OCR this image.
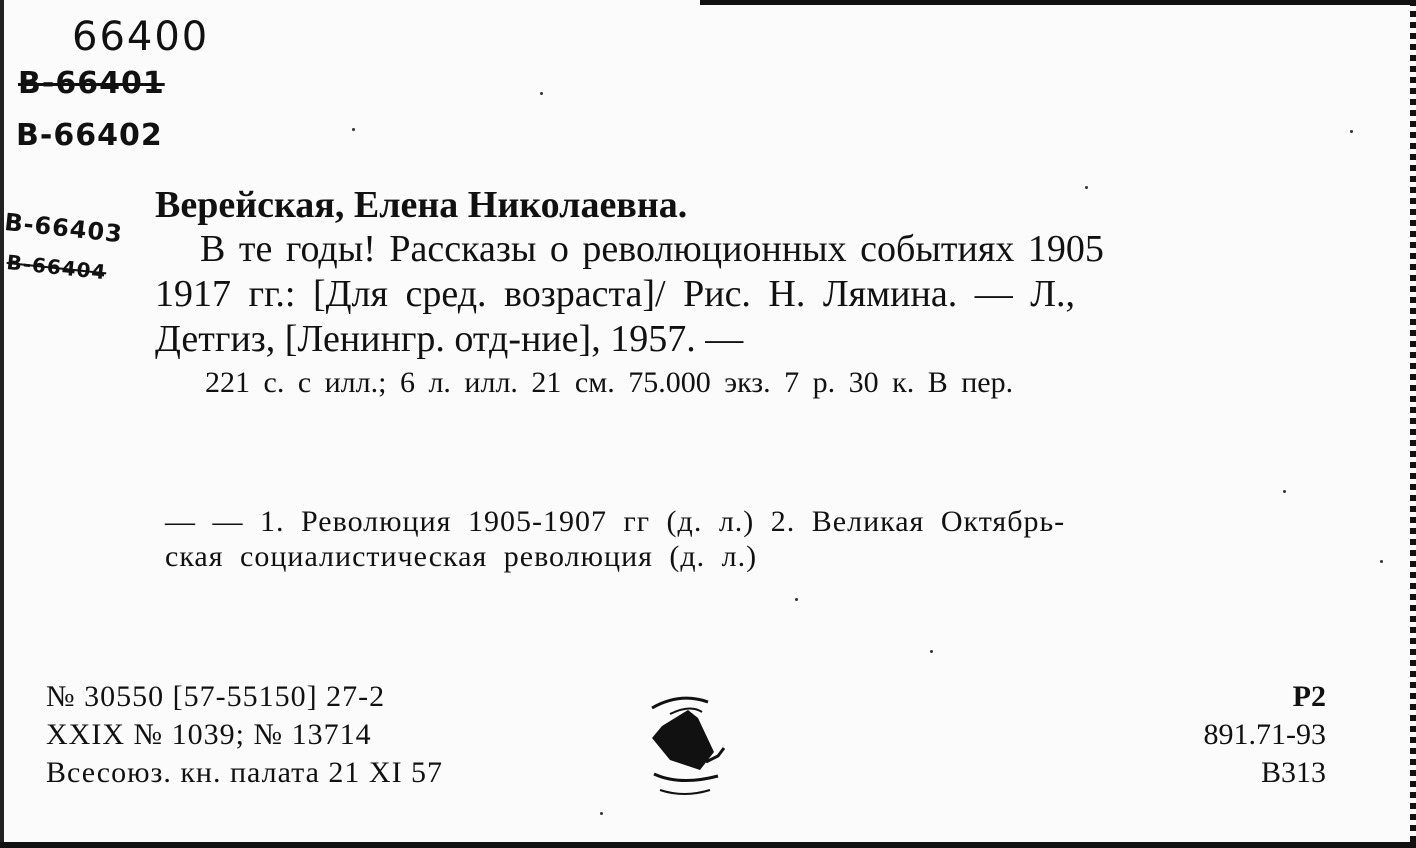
66400
В-66401
В-66402
В-66403
В-66404
Верейская, Елена Николаевна.
В те годы! Рассказы о революционных событиях 1905
1917 гг.: [Для сред. возраста]/ Рис. Н. Лямина. — Л.,
Детгиз, [Ленингр. отд-ние], 1957. —
221 с. с илл.; 6 л. илл. 21 см. 75.000 экз. 7 р. 30 к. В пер.
— — 1. Революция 1905-1907 гг (д. л.) 2. Великая Октябрь-
ская социалистическая революция (д. л.)
№ 30550 [57-55150] 27-2
XXIX № 1039; № 13714
Всесоюз. кн. палата 21 XI 57
Р2
891.71-93
В313
